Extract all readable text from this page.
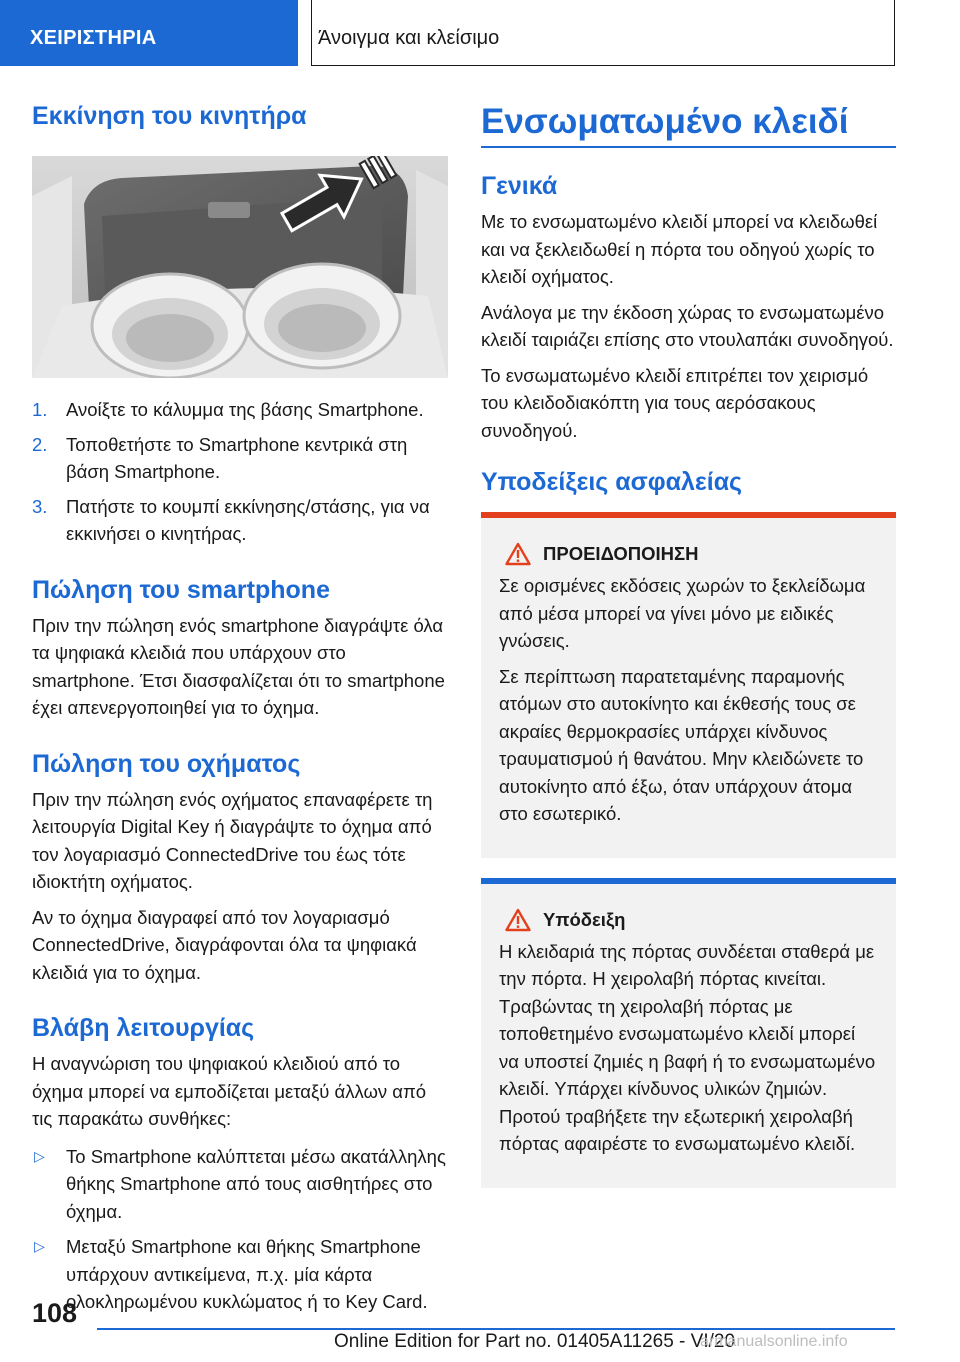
ΧΕΙΡΙΣΤΗΡΙΑ	Άνοιγμα και κλείσιμο
Εκκίνηση του κινητήρα
1. Ανοίξτε το κάλυμμα της βάσης Smartphone.
2. Τοποθετήστε το Smartphone κεντρικά στη βάση Smartphone.
3. Πατήστε το κουμπί εκκίνησης/στάσης, για να εκκινήσει ο κινητήρας.
Πώληση του smartphone

Πριν την πώληση ενός smartphone διαγράψτε όλα τα ψηφιακά κλειδιά που υπάρχουν στο smartphone. Έτσι διασφαλίζεται ότι το smartphone έχει απενεργοποιηθεί για το όχημα.

Πώληση του οχήματος

Πριν την πώληση ενός οχήματος επαναφέρετε τη λειτουργία Digital Key ή διαγράψτε το όχημα από τον λογαριασμό ConnectedDrive του έως τότε ιδιοκτήτη οχήματος.

Αν το όχημα διαγραφεί από τον λογαριασμό ConnectedDrive, διαγράφονται όλα τα ψηφιακά κλειδιά για το όχημα.

Βλάβη λειτουργίας

Η αναγνώριση του ψηφιακού κλειδιού από το όχημα μπορεί να εμποδίζεται μεταξύ άλλων από τις παρακάτω συνθήκες:

▷ Το Smartphone καλύπτεται μέσω ακατάλληλης θήκης Smartphone από τους αισθητήρες στο όχημα.
▷ Μεταξύ Smartphone και θήκης Smartphone υπάρχουν αντικείμενα, π.χ. μία κάρτα ολοκληρωμένου κυκλώματος ή το Key Card.
Ενσωματωμένο κλειδί
Γενικά

Με το ενσωματωμένο κλειδί μπορεί να κλειδωθεί και να ξεκλειδωθεί η πόρτα του οδηγού χωρίς το κλειδί οχήματος.

Ανάλογα με την έκδοση χώρας το ενσωματωμένο κλειδί ταιριάζει επίσης στο ντουλαπάκι συνοδηγού.

Το ενσωματωμένο κλειδί επιτρέπει τον χειρισμό του κλειδοδιακόπτη για τους αερόσακους συνοδηγού.

Υποδείξεις ασφαλείας
ΠΡΟΕΙΔΟΠΟΙΗΣΗ

Σε ορισμένες εκδόσεις χωρών το ξεκλείδωμα από μέσα μπορεί να γίνει μόνο με ειδικές γνώσεις.

Σε περίπτωση παρατεταμένης παραμονής ατόμων στο αυτοκίνητο και έκθεσής τους σε ακραίες θερμοκρασίες υπάρχει κίνδυνος τραυματισμού ή θανάτου. Μην κλειδώνετε το αυτοκίνητο από έξω, όταν υπάρχουν άτομα στο εσωτερικό.

Υπόδειξη

Η κλειδαριά της πόρτας συνδέεται σταθερά με την πόρτα. Η χειρολαβή πόρτας κινείται. Τραβώντας τη χειρολαβή πόρτας με τοποθετημένο ενσωματωμένο κλειδί μπορεί να υποστεί ζημιές η βαφή ή το ενσωματωμένο κλειδί. Υπάρχει κίνδυνος υλικών ζημιών. Προτού τραβήξετε την εξωτερική χειρολαβή πόρτας αφαιρέστε το ενσωματωμένο κλειδί.

108
Online Edition for Part no. 01405A11265 - VI/20
armanualsonline.info
